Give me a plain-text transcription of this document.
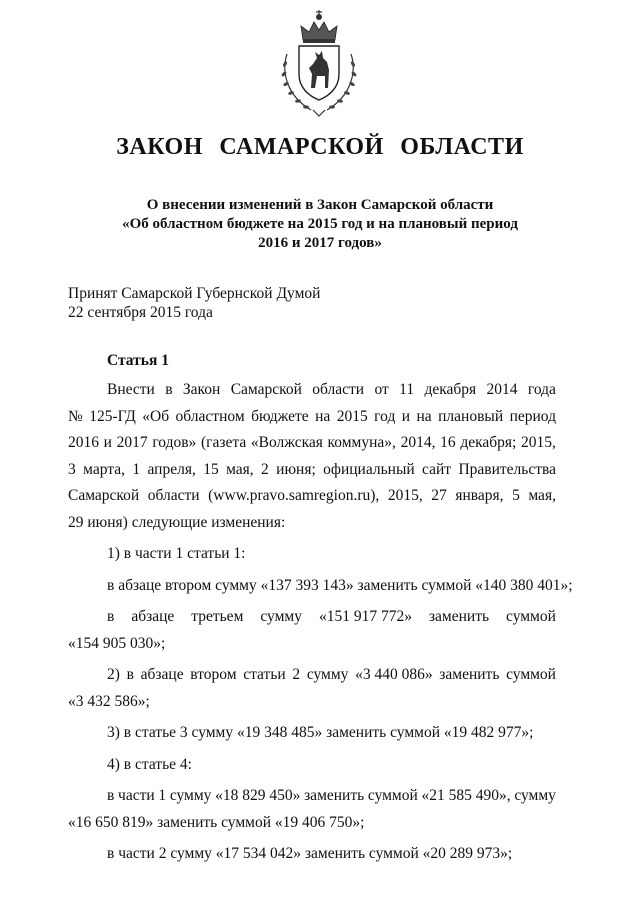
ЗАКОН САМАРСКОЙ ОБЛАСТИ
О внесении изменений в Закон Самарской области
«Об областном бюджете на 2015 год и на плановый период
2016 и 2017 годов»
Принят Самарской Губернской Думой
22 сентября 2015 года
Статья 1
Внести в Закон Самарской области от 11 декабря 2014 года
№ 125-ГД «Об областном бюджете на 2015 год и на плановый период
2016 и 2017 годов» (газета «Волжская коммуна», 2014, 16 декабря; 2015,
3 марта, 1 апреля, 15 мая, 2 июня; официальный сайт Правительства
Самарской области (www.pravo.samregion.ru), 2015, 27 января, 5 мая,
29 июня) следующие изменения:
1) в части 1 статьи 1:
в абзаце втором сумму «137 393 143» заменить суммой «140 380 401»;
в абзаце третьем сумму «151 917 772» заменить суммой
«154 905 030»;
2) в абзаце втором статьи 2 сумму «3 440 086» заменить суммой
«3 432 586»;
3) в статье 3 сумму «19 348 485» заменить суммой «19 482 977»;
4) в статье 4:
в части 1 сумму «18 829 450» заменить суммой «21 585 490», сумму
«16 650 819» заменить суммой «19 406 750»;
в части 2 сумму «17 534 042» заменить суммой «20 289 973»;
